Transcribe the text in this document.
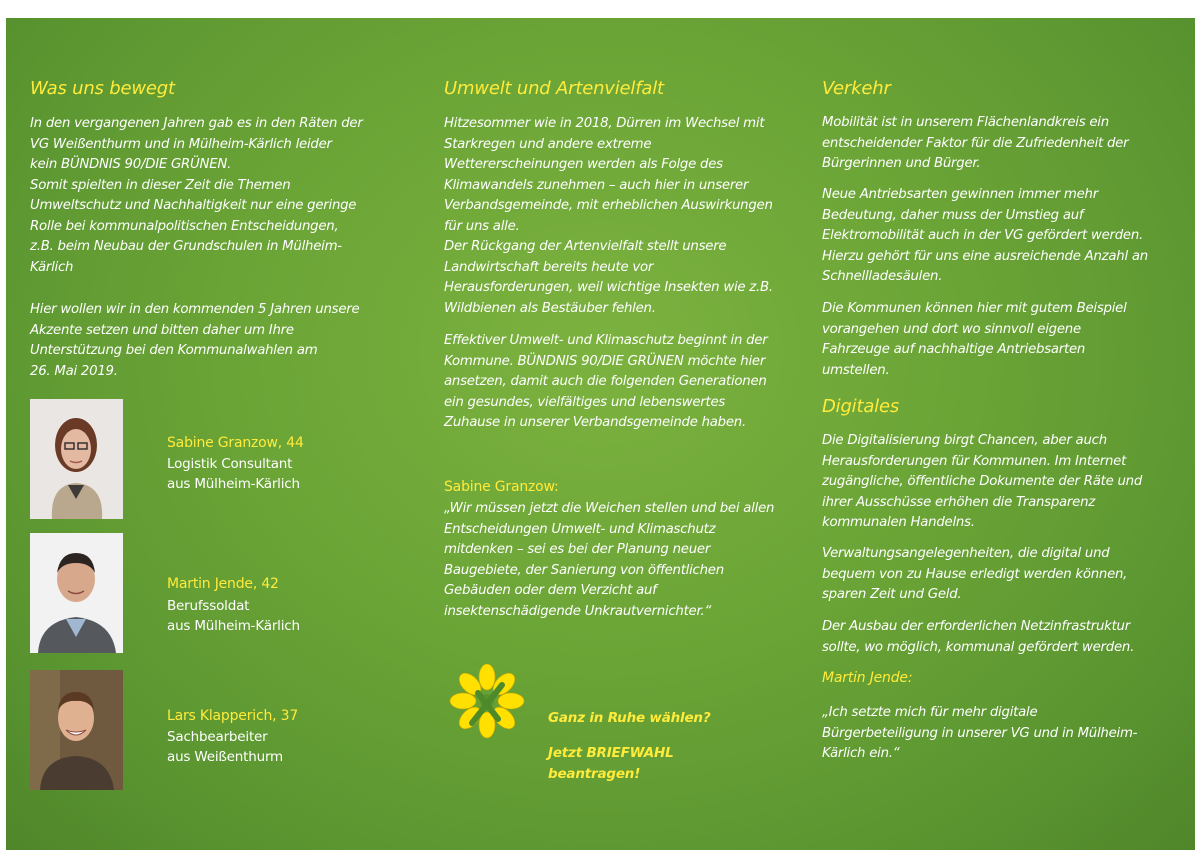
Was uns bewegt

In den vergangenen Jahren gab es in den Räten der
VG Weißenthurm und in Mülheim-Kärlich leider
kein BÜNDNIS 90/DIE GRÜNEN.
Somit spielten in dieser Zeit die Themen
Umweltschutz und Nachhaltigkeit nur eine geringe
Rolle bei kommunalpolitischen Entscheidungen,
z.B. beim Neubau der Grundschulen in Mülheim-
Kärlich

Hier wollen wir in den kommenden 5 Jahren unsere
Akzente setzen und bitten daher um Ihre
Unterstützung bei den Kommunalwahlen am
26. Mai 2019.

Sabine Granzow, 44
Logistik Consultant
aus Mülheim-Kärlich
Martin Jende, 42
Berufssoldat
aus Mülheim-Kärlich
Lars Klapperich, 37
Sachbearbeiter
aus Weißenthurm
Umwelt und Artenvielfalt

Hitzesommer wie in 2018, Dürren im Wechsel mit
Starkregen und andere extreme
Wettererscheinungen werden als Folge des
Klimawandels zunehmen – auch hier in unserer
Verbandsgemeinde, mit erheblichen Auswirkungen
für uns alle.
Der Rückgang der Artenvielfalt stellt unsere
Landwirtschaft bereits heute vor
Herausforderungen, weil wichtige Insekten wie z.B.
Wildbienen als Bestäuber fehlen.

Effektiver Umwelt- und Klimaschutz beginnt in der
Kommune. BÜNDNIS 90/DIE GRÜNEN möchte hier
ansetzen, damit auch die folgenden Generationen
ein gesundes, vielfältiges und lebenswertes
Zuhause in unserer Verbandsgemeinde haben.

Sabine Granzow:

„Wir müssen jetzt die Weichen stellen und bei allen
Entscheidungen Umwelt- und Klimaschutz
mitdenken – sei es bei der Planung neuer
Baugebiete, der Sanierung von öffentlichen
Gebäuden oder dem Verzicht auf
insektenschädigende Unkrautvernichter.“

Ganz in Ruhe wählen?
Jetzt BRIEFWAHL
beantragen!
Verkehr

Mobilität ist in unserem Flächenlandkreis ein
entscheidender Faktor für die Zufriedenheit der
Bürgerinnen und Bürger.

Neue Antriebsarten gewinnen immer mehr
Bedeutung, daher muss der Umstieg auf
Elektromobilität auch in der VG gefördert werden.
Hierzu gehört für uns eine ausreichende Anzahl an
Schnellladesäulen.

Die Kommunen können hier mit gutem Beispiel
vorangehen und dort wo sinnvoll eigene
Fahrzeuge auf nachhaltige Antriebsarten
umstellen.

Digitales

Die Digitalisierung birgt Chancen, aber auch
Herausforderungen für Kommunen. Im Internet
zugängliche, öffentliche Dokumente der Räte und
ihrer Ausschüsse erhöhen die Transparenz
kommunalen Handelns.

Verwaltungsangelegenheiten, die digital und
bequem von zu Hause erledigt werden können,
sparen Zeit und Geld.

Der Ausbau der erforderlichen Netzinfrastruktur
sollte, wo möglich, kommunal gefördert werden.

Martin Jende:

„Ich setzte mich für mehr digitale
Bürgerbeteiligung in unserer VG und in Mülheim-
Kärlich ein.“
